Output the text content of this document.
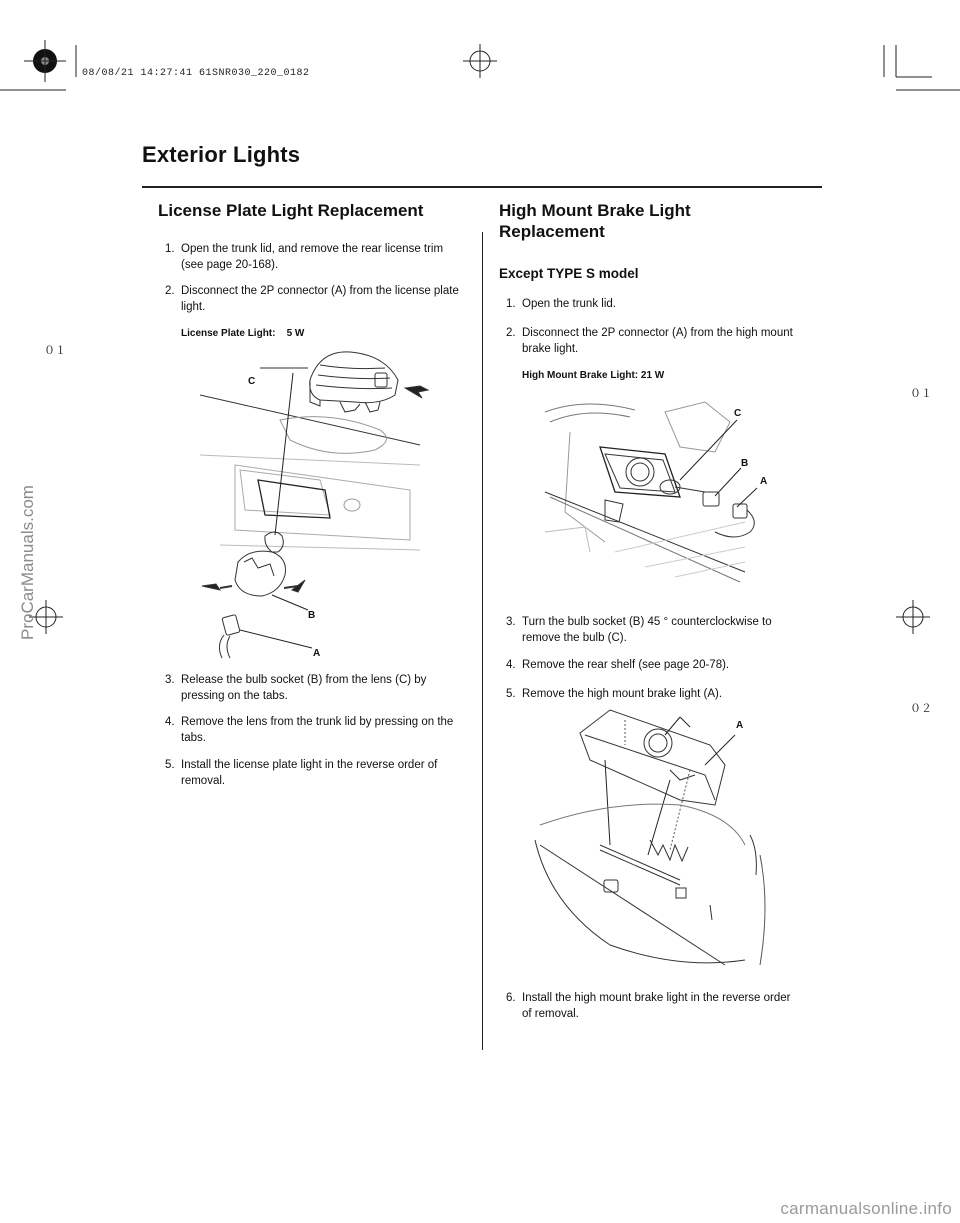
08/08/21 14:27:41 61SNR030_220_0182
Exterior Lights
License Plate Light Replacement
1. Open the trunk lid, and remove the rear license trim (see page 20-168).
2. Disconnect the 2P connector (A) from the license plate light.
License Plate Light:    5 W
C
B
A
3. Release the bulb socket (B) from the lens (C) by pressing on the tabs.
4. Remove the lens from the trunk lid by pressing on the tabs.
5. Install the license plate light in the reverse order of removal.
High Mount Brake Light
Replacement
Except TYPE S model
1. Open the trunk lid.
2. Disconnect the 2P connector (A) from the high mount brake light.
High Mount Brake Light: 21 W
C
B
A
3. Turn the bulb socket (B) 45 ° counterclockwise to remove the bulb (C).
4. Remove the rear shelf (see page 20-78).
5. Remove the high mount brake light (A).
A
6. Install the high mount brake light in the reverse order of removal.
０１
０１
０２
ProCarManuals.com
carmanualsonline.info
